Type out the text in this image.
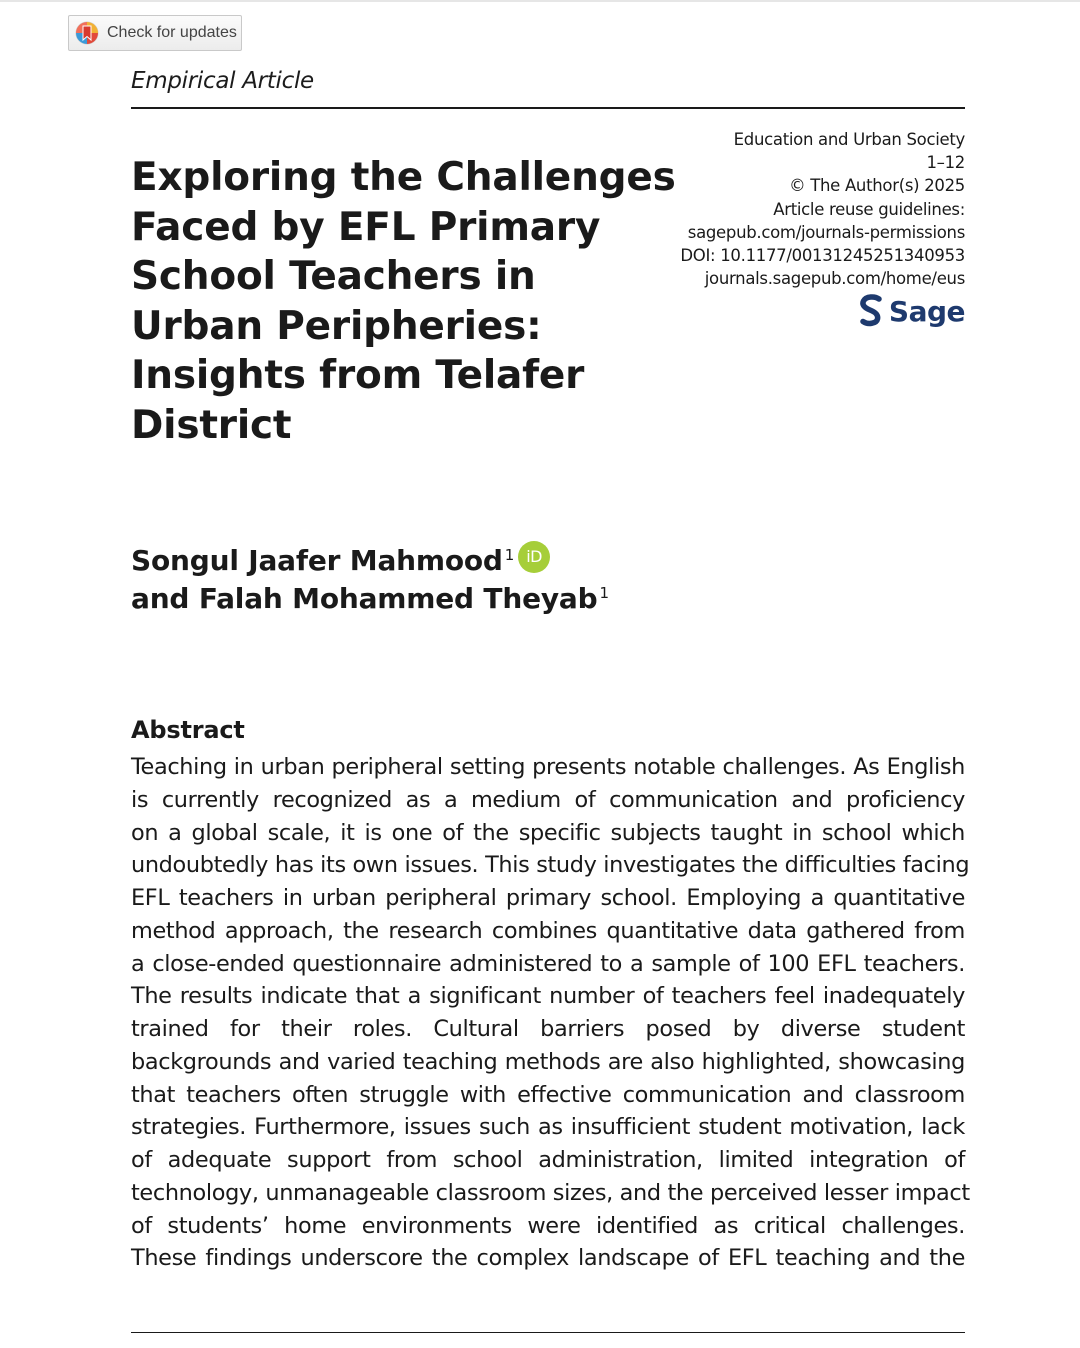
Check for updates
Empirical Article
Exploring the Challenges
Faced by EFL Primary
School Teachers in
Urban Peripheries:
Insights from Telafer
District
Education and Urban Society
1–12
© The Author(s) 2025
Article reuse guidelines:
sagepub.com/journals-permissions
DOI: 10.1177/00131245251340953
journals.sagepub.com/home/eus
Sage
Songul Jaafer Mahmood$^1$ iD
and Falah Mohammed Theyab$^1$
Abstract
Teaching in urban peripheral setting presents notable challenges. As English
is currently recognized as a medium of communication and proficiency
on a global scale, it is one of the specific subjects taught in school which
undoubtedly has its own issues. This study investigates the difficulties facing
EFL teachers in urban peripheral primary school. Employing a quantitative
method approach, the research combines quantitative data gathered from
a close-ended questionnaire administered to a sample of 100 EFL teachers.
The results indicate that a significant number of teachers feel inadequately
trained for their roles. Cultural barriers posed by diverse student
backgrounds and varied teaching methods are also highlighted, showcasing
that teachers often struggle with effective communication and classroom
strategies. Furthermore, issues such as insufficient student motivation, lack
of adequate support from school administration, limited integration of
technology, unmanageable classroom sizes, and the perceived lesser impact
of students’ home environments were identified as critical challenges.
These findings underscore the complex landscape of EFL teaching and the
